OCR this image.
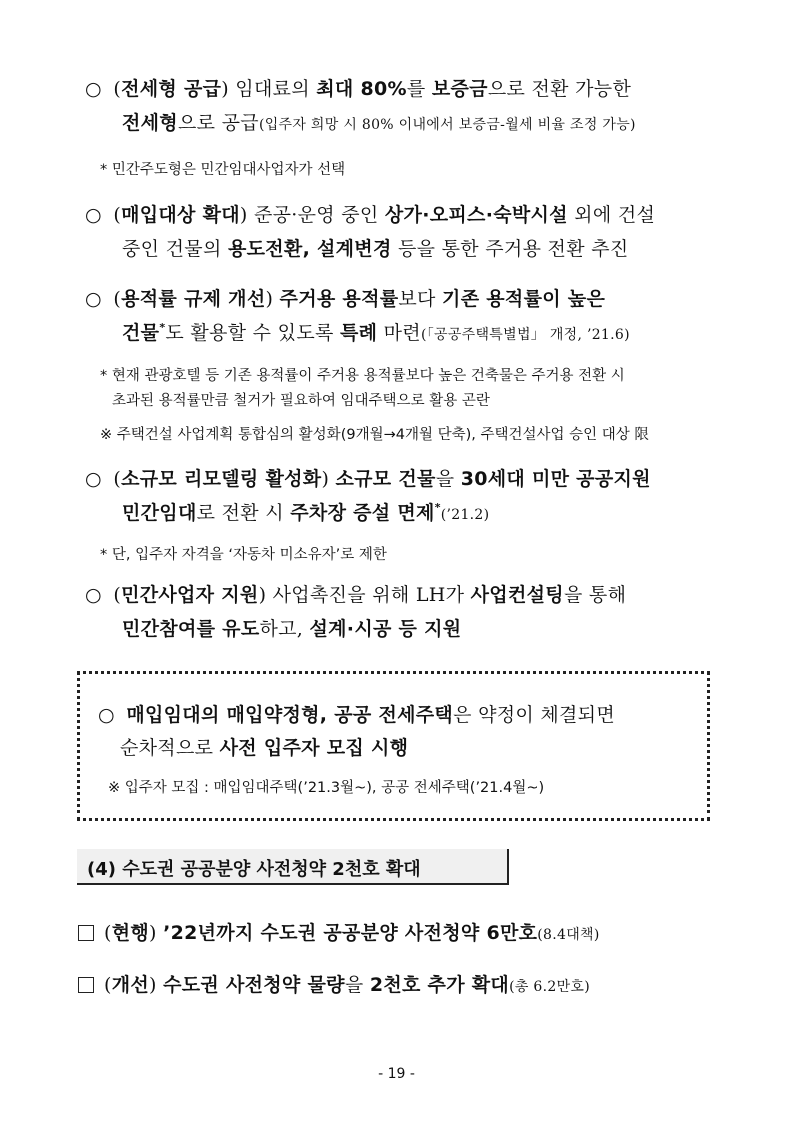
○ (전세형 공급) 임대료의 최대 80%를 보증금으로 전환 가능한
전세형으로 공급(입주자 희망 시 80% 이내에서 보증금-월세 비율 조정 가능)
* 민간주도형은 민간임대사업자가 선택
○ (매입대상 확대) 준공·운영 중인 상가·오피스·숙박시설 외에 건설
중인 건물의 용도전환, 설계변경 등을 통한 주거용 전환 추진
○ (용적률 규제 개선) 주거용 용적률보다 기존 용적률이 높은
건물*도 활용할 수 있도록 특례 마련(「공공주택특별법」 개정, ’21.6)
* 현재 관광호텔 등 기존 용적률이 주거용 용적률보다 높은 건축물은 주거용 전환 시
초과된 용적률만큼 철거가 필요하여 임대주택으로 활용 곤란
※ 주택건설 사업계획 통합심의 활성화(9개월→4개월 단축), 주택건설사업 승인 대상 限
○ (소규모 리모델링 활성화) 소규모 건물을 30세대 미만 공공지원
민간임대로 전환 시 주차장 증설 면제*(’21.2)
* 단, 입주자 자격을 ‘자동차 미소유자’로 제한
○ (민간사업자 지원) 사업촉진을 위해 LH가 사업컨설팅을 통해
민간참여를 유도하고, 설계·시공 등 지원
○ 매입임대의 매입약정형, 공공 전세주택은 약정이 체결되면
순차적으로 사전 입주자 모집 시행
※ 입주자 모집 : 매입임대주택(’21.3월~), 공공 전세주택(’21.4월~)
(4) 수도권 공공분양 사전청약 2천호 확대
(현행) ’22년까지 수도권 공공분양 사전청약 6만호(8.4대책)
(개선) 수도권 사전청약 물량을 2천호 추가 확대(총 6.2만호)
- 19 -
